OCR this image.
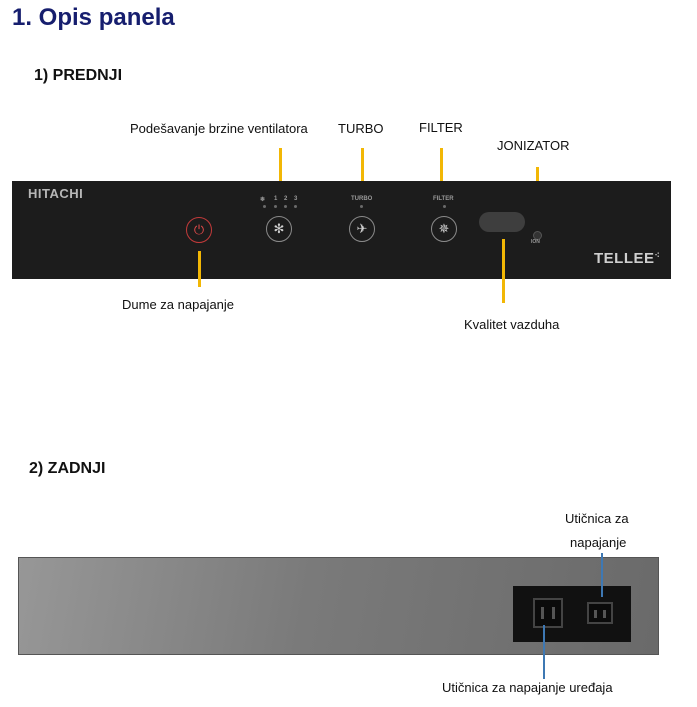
1. Opis panela
1) PREDNJI
Podešavanje brzine ventilatora TURBO	FILTER
JONIZATOR
HITACHI
⏻
❄ 1 2 3
✻
TURBO
✈
FILTER
✵
ION
TELLEE⁖
Dume za napajanje
Kvalitet vazduha
2) ZADNJI
Utičnica za
napajanje
Utičnica za napajanje uređaja
